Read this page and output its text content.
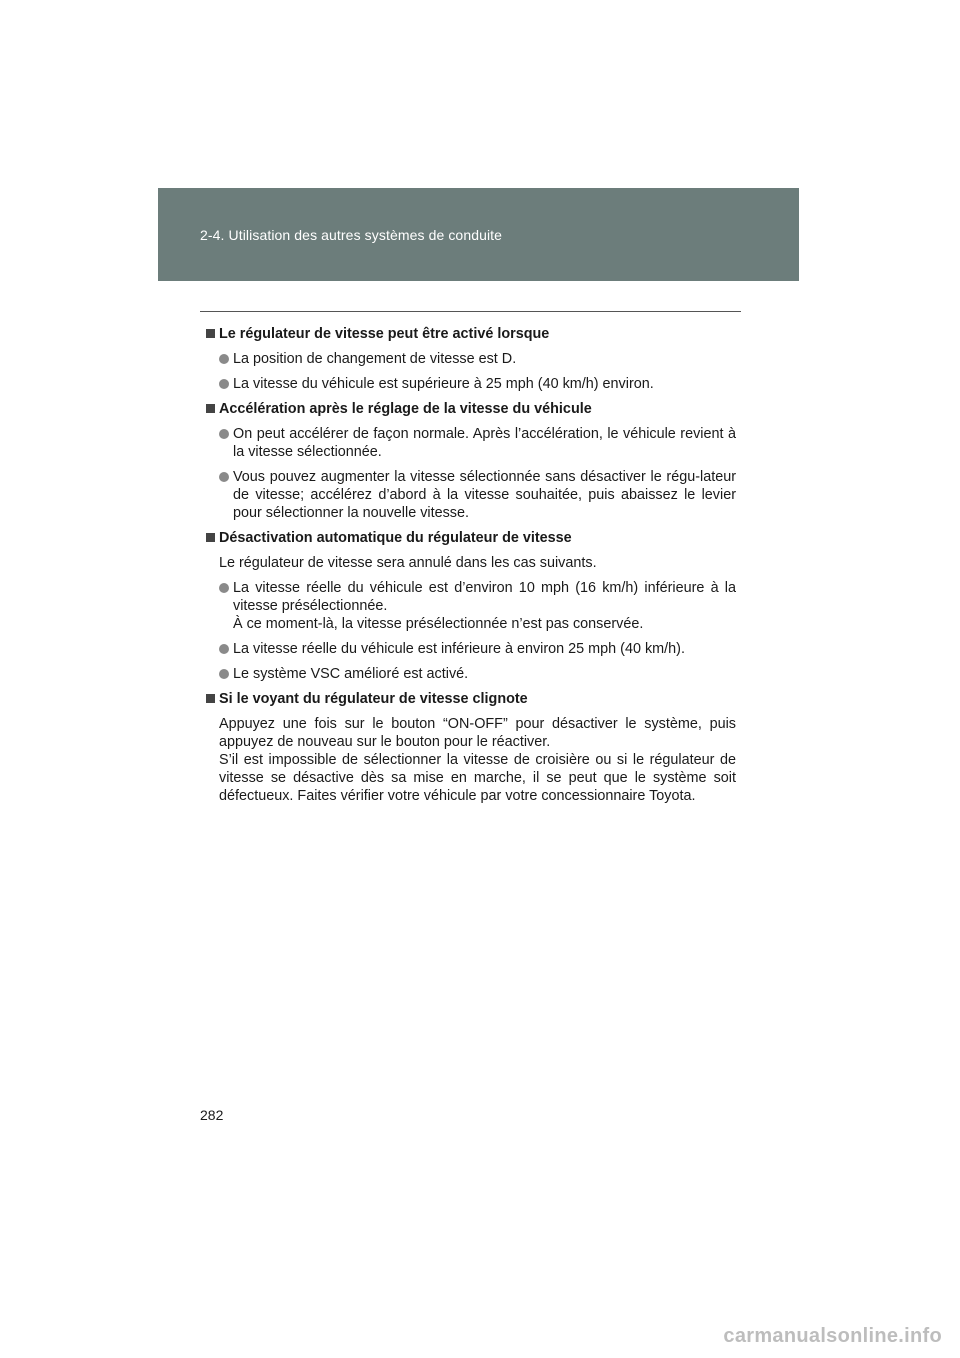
2-4. Utilisation des autres systèmes de conduite
Le régulateur de vitesse peut être activé lorsque
La position de changement de vitesse est D.
La vitesse du véhicule est supérieure à 25 mph (40 km/h) environ.
Accélération après le réglage de la vitesse du véhicule
On peut accélérer de façon normale. Après l’accélération, le véhicule revient à la vitesse sélectionnée.
Vous pouvez augmenter la vitesse sélectionnée sans désactiver le régu-lateur de vitesse; accélérez d’abord à la vitesse souhaitée, puis abaissez le levier pour sélectionner la nouvelle vitesse.
Désactivation automatique du régulateur de vitesse
Le régulateur de vitesse sera annulé dans les cas suivants.
La vitesse réelle du véhicule est d’environ 10 mph (16 km/h) inférieure à la vitesse présélectionnée.
À ce moment-là, la vitesse présélectionnée n’est pas conservée.
La vitesse réelle du véhicule est inférieure à environ 25 mph (40 km/h).
Le système VSC amélioré est activé.
Si le voyant du régulateur de vitesse clignote
Appuyez une fois sur le bouton “ON-OFF” pour désactiver le système, puis appuyez de nouveau sur le bouton pour le réactiver.
S’il est impossible de sélectionner la vitesse de croisière ou si le régulateur de vitesse se désactive dès sa mise en marche, il se peut que le système soit défectueux. Faites vérifier votre véhicule par votre concessionnaire Toyota.
282
carmanualsonline.info
